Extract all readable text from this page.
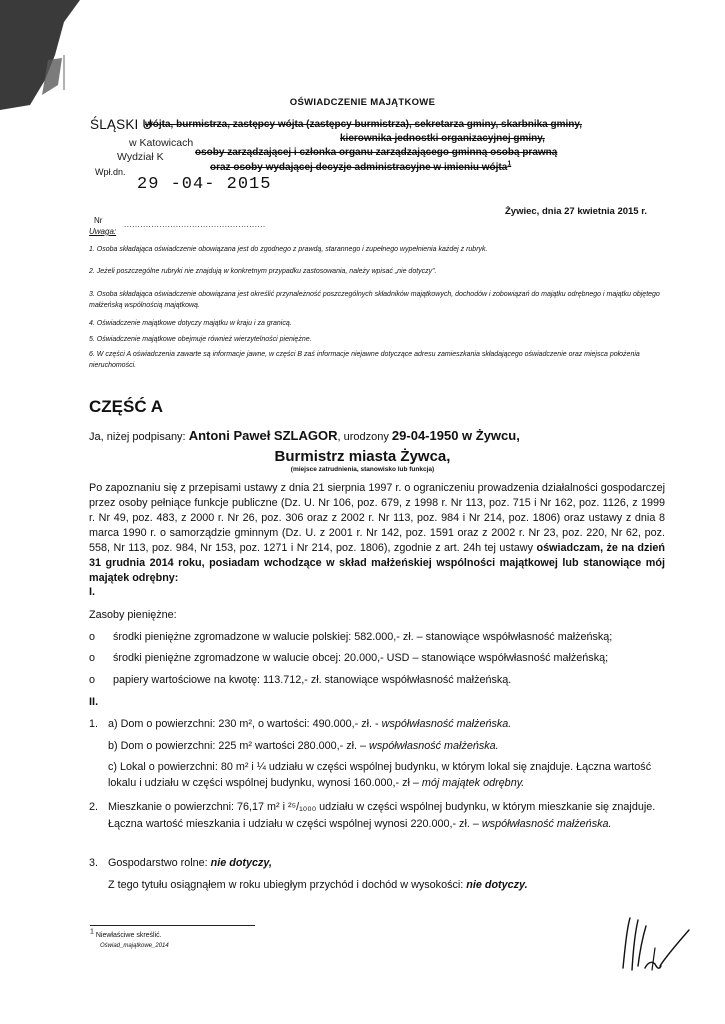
OŚWIADCZENIE MAJĄTKOWE
ŚLĄSKI U
wójta, burmistrza, zastępcy wójta (zastępcy burmistrza), sekretarza gminy, skarbnika gminy,
kierownika jednostki organizacyjnej gminy,
w Katowicach
osoby zarządzającej i członka organu zarządzającego gminną osobą prawną
Wydział K
oraz osoby wydającej decyzje administracyjne w imieniu wójta$^1$
Wpł.dn.
29 -04- 2015
Żywiec, dnia 27 kwietnia 2015 r.
Nr	....................................................
Uwaga:
1. Osoba składająca oświadczenie obowiązana jest do zgodnego z prawdą, starannego i zupełnego wypełnienia każdej z rubryk.
2. Jeżeli poszczególne rubryki nie znajdują w konkretnym przypadku zastosowania, należy wpisać „nie dotyczy”.
3. Osoba składająca oświadczenie obowiązana jest określić przynależność poszczególnych składników majątkowych, dochodów i zobowiązań do majątku odrębnego i majątku objętego małżeńską wspólnością majątkową.
4. Oświadczenie majątkowe dotyczy majątku w kraju i za granicą.
5. Oświadczenie majątkowe obejmuje również wierzytelności pieniężne.
6. W części A oświadczenia zawarte są informacje jawne, w części B zaś informacje niejawne dotyczące adresu zamieszkania składającego oświadczenie oraz miejsca położenia nieruchomości.
CZĘŚĆ A
Ja, niżej podpisany: Antoni Paweł SZLAGOR, urodzony 29-04-1950 w Żywcu,
Burmistrz miasta Żywca,
(miejsce zatrudnienia, stanowisko lub funkcja)
Po zapoznaniu się z przepisami ustawy z dnia 21 sierpnia 1997 r. o ograniczeniu prowadzenia działalności gospodarczej przez osoby pełniące funkcje publiczne (Dz. U. Nr 106, poz. 679, z 1998 r. Nr 113, poz. 715 i Nr 162, poz. 1126, z 1999 r. Nr 49, poz. 483, z 2000 r. Nr 26, poz. 306 oraz z 2002 r. Nr 113, poz. 984 i Nr 214, poz. 1806) oraz ustawy z dnia 8 marca 1990 r. o samorządzie gminnym (Dz. U. z 2001 r. Nr 142, poz. 1591 oraz z 2002 r. Nr 23, poz. 220, Nr 62, poz. 558, Nr 113, poz. 984, Nr 153, poz. 1271 i Nr 214, poz. 1806), zgodnie z art. 24h tej ustawy oświadczam, że na dzień 31 grudnia 2014 roku, posiadam wchodzące w skład małżeńskiej wspólności majątkowej lub stanowiące mój majątek odrębny:
I.
Zasoby pieniężne:
o środki pieniężne zgromadzone w walucie polskiej: 582.000,- zł. – stanowiące współwłasność małżeńską;
o środki pieniężne zgromadzone w walucie obcej: 20.000,- USD – stanowiące współwłasność małżeńską;
o papiery wartościowe na kwotę: 113.712,- zł. stanowiące współwłasność małżeńską.
II.
1. a) Dom o powierzchni: 230 m², o wartości: 490.000,- zł. - współwłasność małżeńska.
b) Dom o powierzchni: 225 m² wartości 280.000,- zł. – współwłasność małżeńska.
c) Lokal o powierzchni: 80 m² i ¼ udziału w części wspólnej budynku, w którym lokal się znajduje. Łączna wartość lokalu i udziału w części wspólnej budynku, wynosi 160.000,- zł – mój majątek odrębny.
2. Mieszkanie o powierzchni: 76,17 m² i ²⁵/₁₀₀₀ udziału w części wspólnej budynku, w którym mieszkanie się znajduje. Łączna wartość mieszkania i udziału w części wspólnej wynosi 220.000,- zł. – współwłasność małżeńska.
3. Gospodarstwo rolne: nie dotyczy,
Z tego tytułu osiągnąłem w roku ubiegłym przychód i dochód w wysokości: nie dotyczy.
$^1$ Niewłaściwe skreślić.
Oświad_majątkowe_2014
